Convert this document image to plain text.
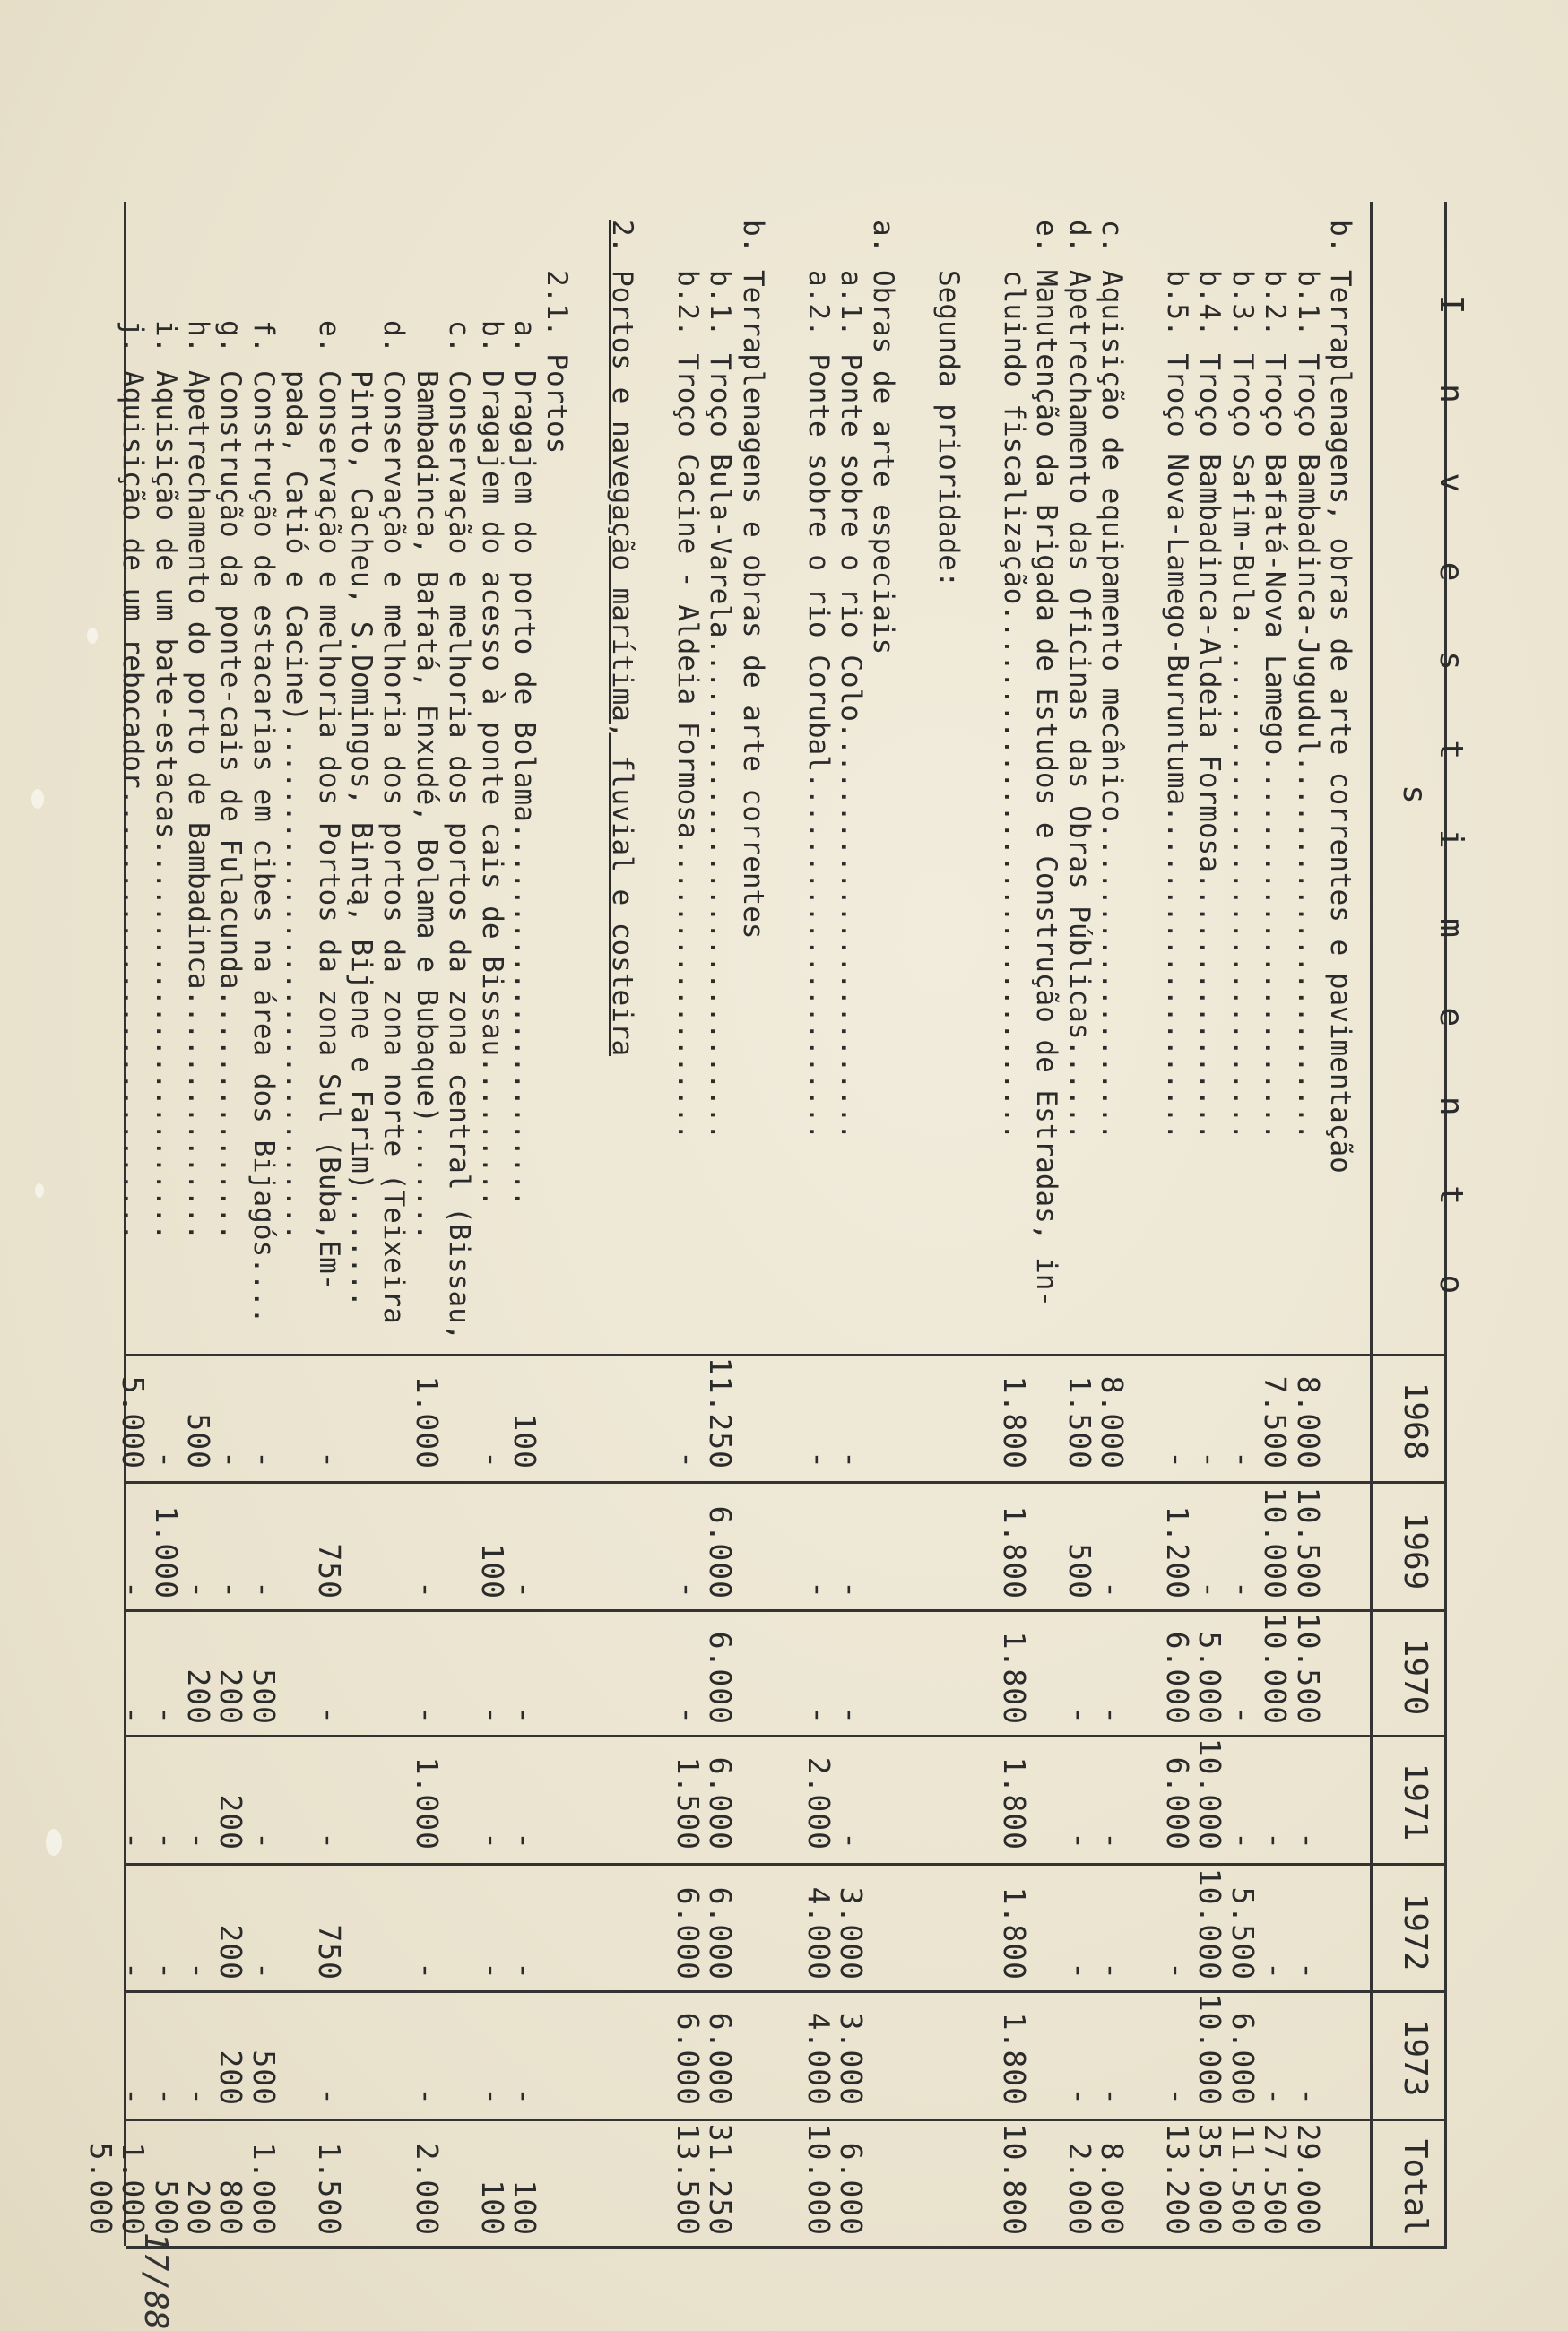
I n v e s t i m e n t o s
1968
1969
1970
1971
1972
1973
Total
b. Terraplenagens, obras de arte correntes e pavimentação
b.1. Troço Bambadinca-Jugudul.......................
8.000
10.500
10.500
-
-
-
29.000
b.2. Troço Bafatá-Nova Lamego.......................
7.500
10.000
10.000
-
-
-
27.500
b.3. Troço Safim-Bula...............................
-
-
-
-
5.500
6.000
11.500
b.4. Troço Bambadinca-Aldeia Formosa................
-
-
5.000
10.000
10.000
10.000
35.000
b.5. Troço Nova-Lamego-Buruntuma....................
-
1.200
6.000
6.000
-
-
13.200
c. Aquisição de equipamento mecânico...................
8.000
-
-
-
-
-
8.000
d. Apetrechamento das Oficinas das Obras Públicas......
1.500
500
-
-
-
-
2.000
e. Manutenção da Brigada de Estudos e Construção de Estradas, in-
cluindo fiscalização................................
1.800
1.800
1.800
1.800
1.800
1.800
10.800
Segunda prioridade:
a. Obras de arte especiais
a.1. Ponte sobre o rio Colo.........................
-
-
-
-
3.000
3.000
6.000
a.2. Ponte sobre o rio Corubal......................
-
-
-
2.000
4.000
4.000
10.000
b. Terraplenagens e obras de arte correntes
b.1. Troço Bula-Varela..............................
11.250
6.000
6.000
6.000
6.000
6.000
31.250
b.2. Troço Cacine - Aldeia Formosa..................
-
-
-
1.500
6.000
6.000
13.500
2. Portos e navegação marítima, fluvial e costeira
2.1. Portos
a. Dragajem do porto de Bolama.......................
100
-
-
-
-
-
100
b. Dragajem do acesso à ponte cais de Bissau.........
-
100
-
-
-
-
100
c. Conservação e melhoria dos portos da zona central (Bissau,
Bambadinca, Bafatá, Enxudé, Bolama e Bubaque).......
1.000
-
-
1.000
-
-
2.000
d. Conservação e melhoria dos portos da zona norte (Teixeira
Pinto, Cacheu, S.Domingos, Bintą, Bijene e Farim).......
e. Conservação e melhoria dos Portos da zona Sul (Buba,Em-
-
750
-
-
750
-
1.500
pada, Catió e Cacine)...............................
f. Construção de estacarias em cibes na área dos Bijagós....
-
-
500
-
-
500
1.000
g. Construção da ponte-cais de Fulacunda...............
-
-
200
200
200
200
800
h. Apetrechamento do porto de Bambadinca...............
500
-
200
-
-
-
200
i. Aquisição de um bate-estacas........................
-
1.000
-
-
-
-
500
j. Aquisição de um rebocador...........................
5.000
-
-
-
-
-
1.000
5.000
17/88
